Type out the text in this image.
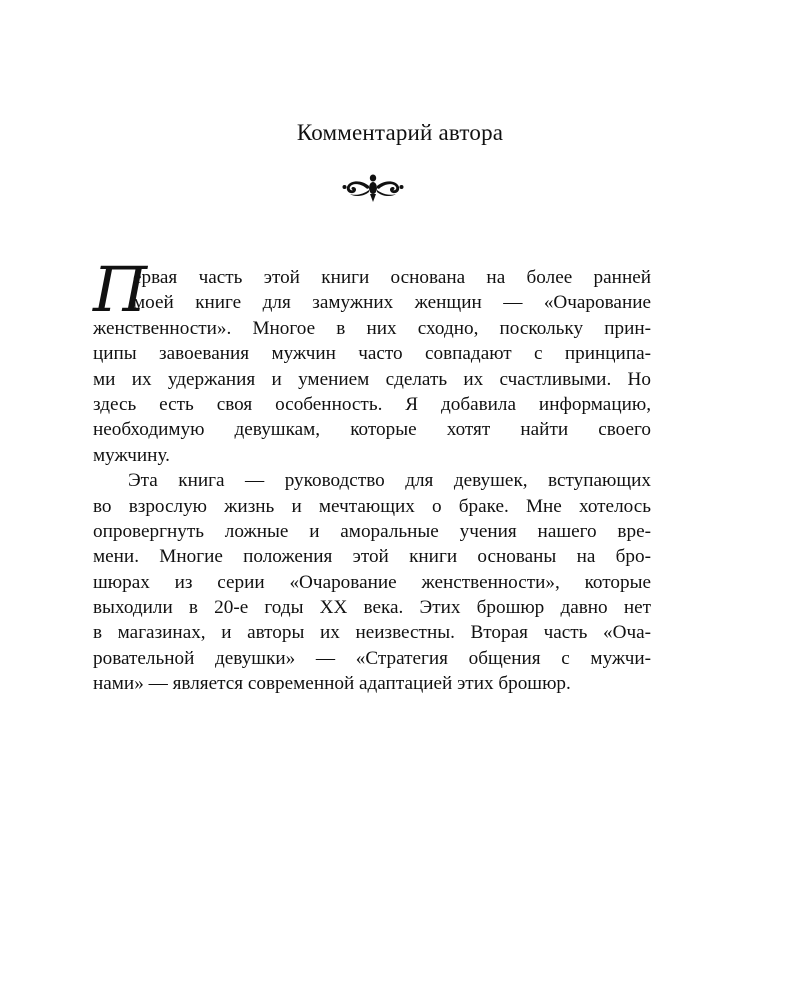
Комментарий автора
П
ервая часть этой книги основана на более ранней
моей книге для замужних женщин — «Очарование
женственности». Многое в них сходно, поскольку прин-
ципы завоевания мужчин часто совпадают с принципа-
ми их удержания и умением сделать их счастливыми. Но
здесь есть своя особенность. Я добавила информацию,
необходимую девушкам, которые хотят найти своего
мужчину.
Эта книга — руководство для девушек, вступающих
во взрослую жизнь и мечтающих о браке. Мне хотелось
опровергнуть ложные и аморальные учения нашего вре-
мени. Многие положения этой книги основаны на бро-
шюрах из серии «Очарование женственности», которые
выходили в 20-е годы XX века. Этих брошюр давно нет
в магазинах, и авторы их неизвестны. Вторая часть «Оча-
ровательной девушки» — «Стратегия общения с мужчи-
нами» — является современной адаптацией этих брошюр.
